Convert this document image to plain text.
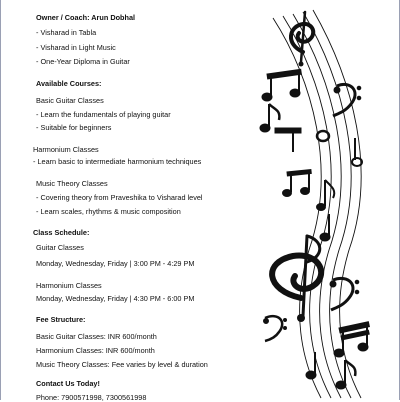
Owner / Coach: Arun Dobhal
- Visharad in Tabla
- Visharad in Light Music
- One-Year Diploma in Guitar
Available Courses:
Basic Guitar Classes
- Learn the fundamentals of playing guitar
- Suitable for beginners
Harmonium Classes
- Learn basic to intermediate harmonium techniques
Music Theory Classes
- Covering theory from Praveshika to Visharad level
- Learn scales, rhythms & music composition
Class Schedule:
Guitar Classes
Monday, Wednesday, Friday | 3:00 PM - 4:29 PM
Harmonium Classes
Monday, Wednesday, Friday | 4:30 PM - 6:00 PM
Fee Structure:
Basic Guitar Classes: INR 600/month
Harmonium Classes: INR 600/month
Music Theory Classes: Fee varies by level & duration
Contact Us Today!
Phone: 7900571998, 7300561998
